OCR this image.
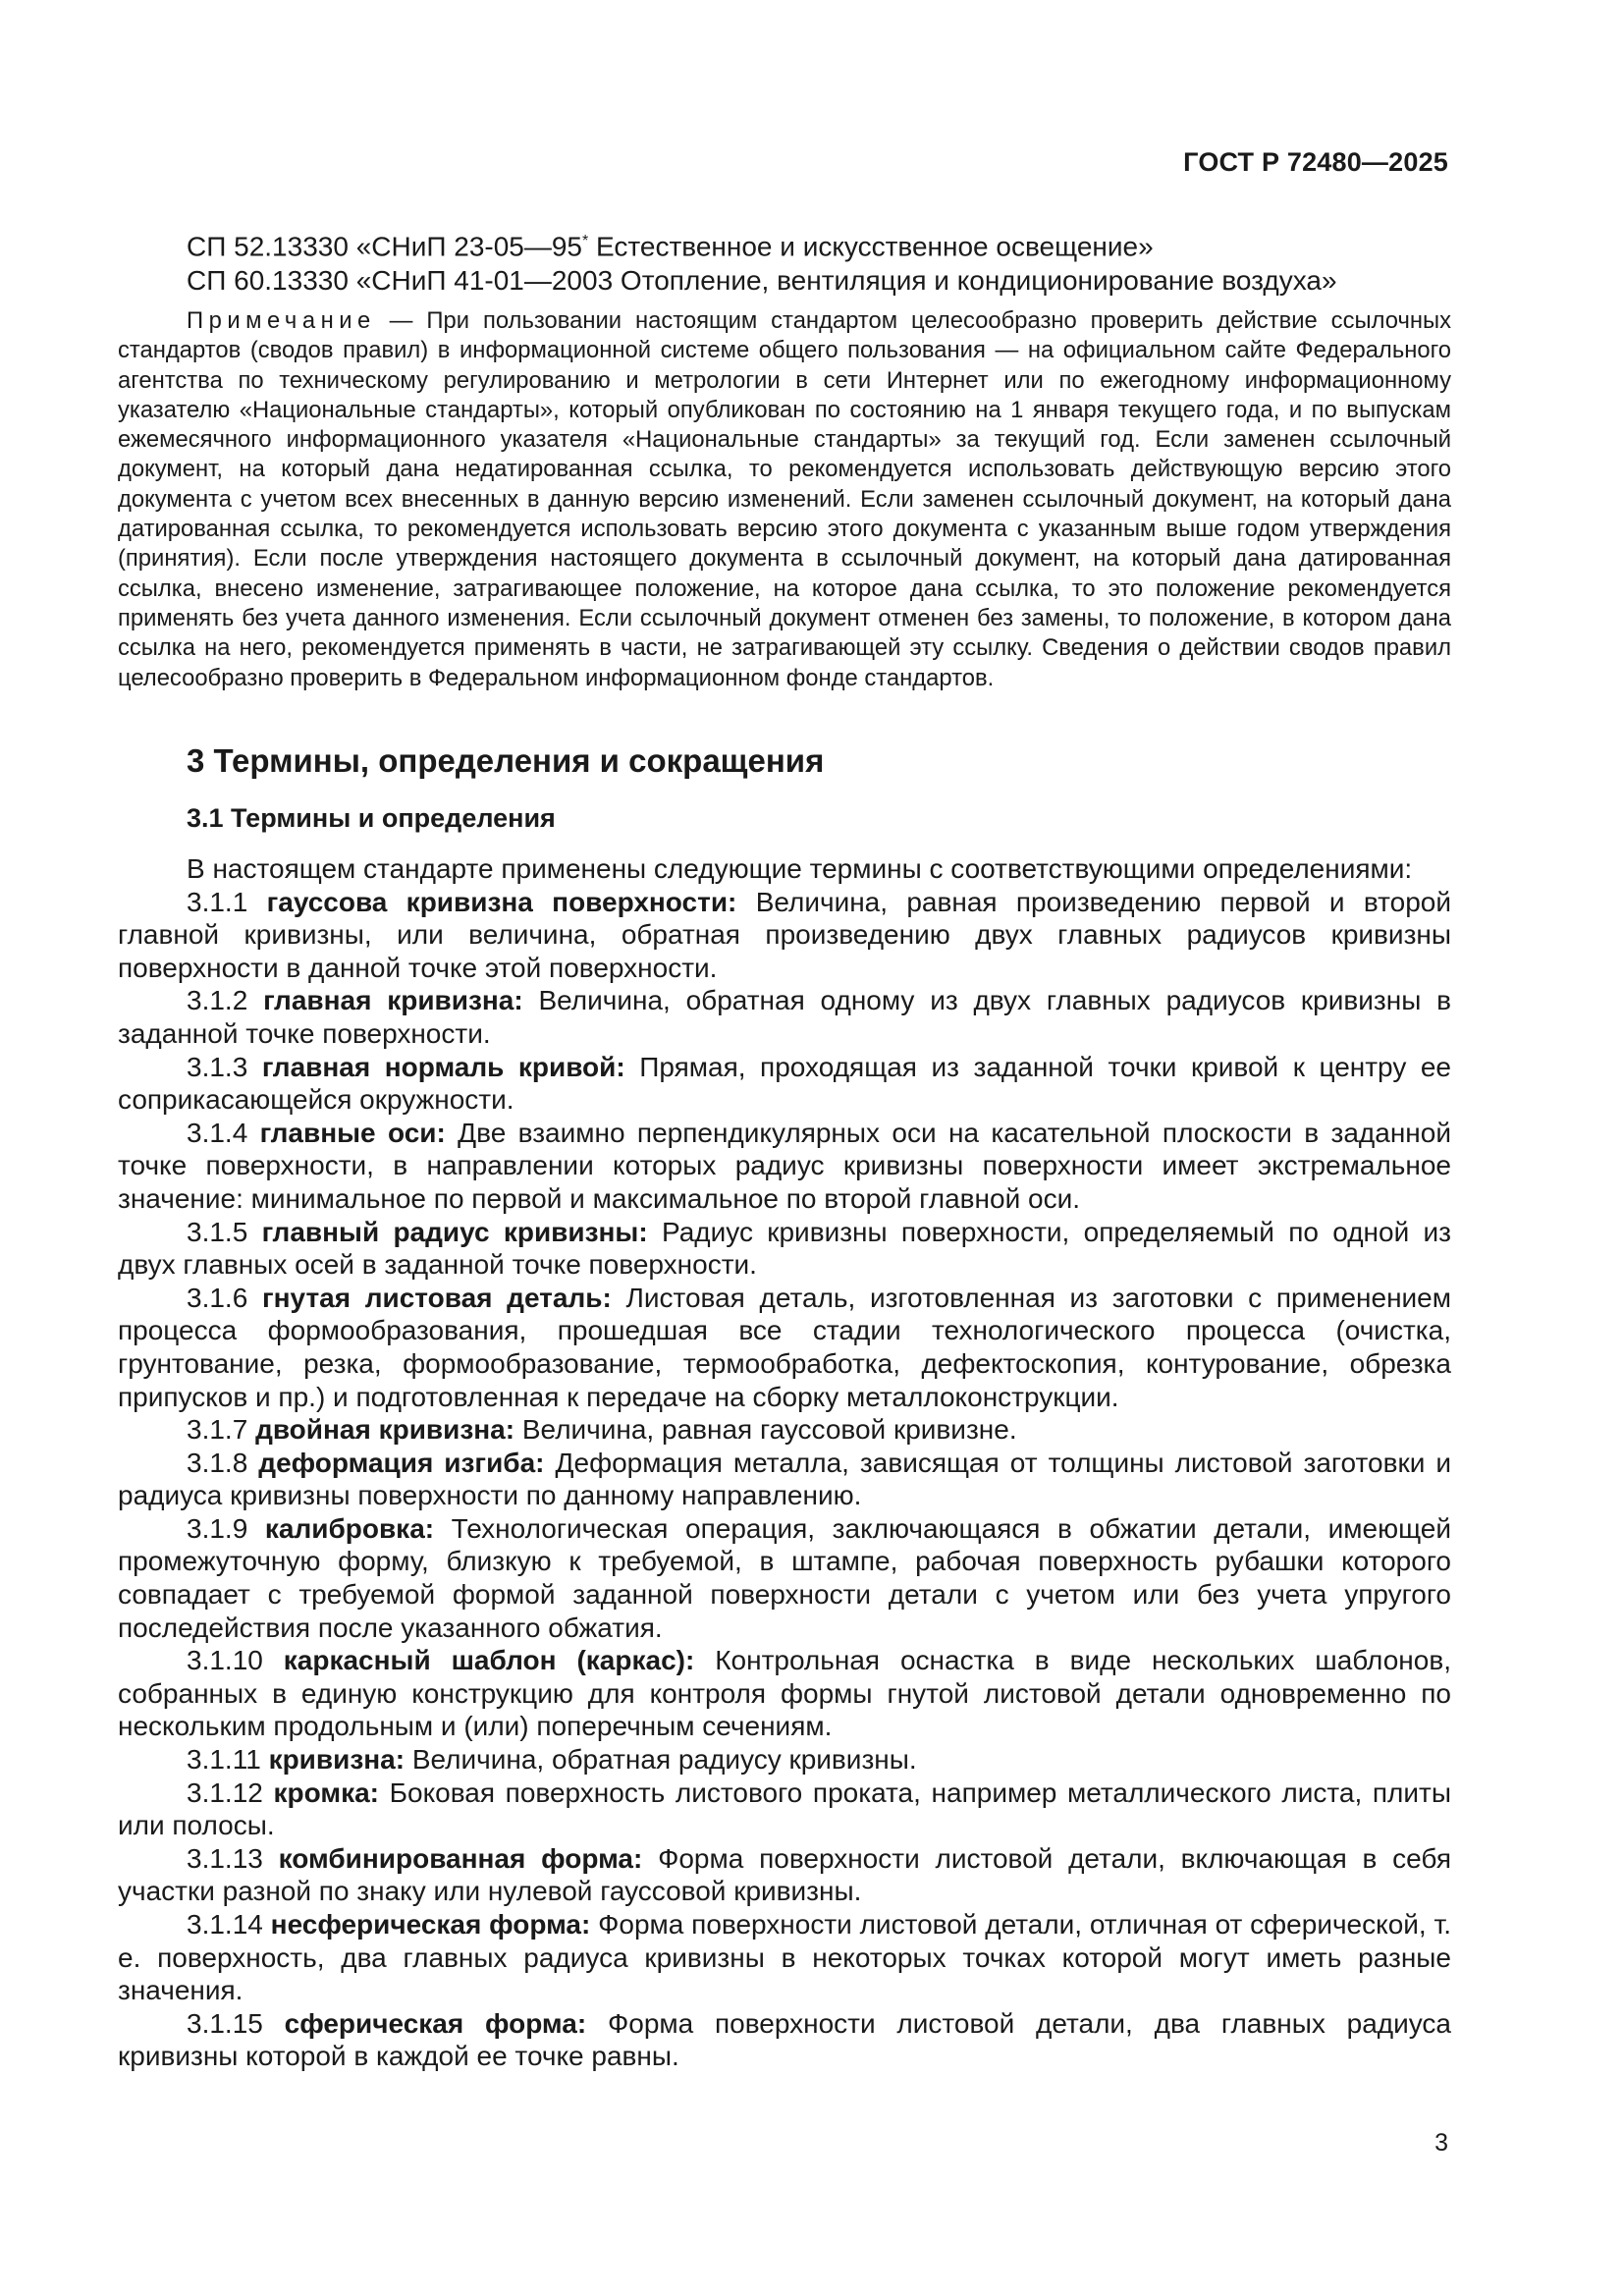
ГОСТ Р 72480—2025
СП 52.13330 «СНиП 23-05—95* Естественное и искусственное освещение»
СП 60.13330 «СНиП 41-01—2003 Отопление, вентиляция и кондиционирование воздуха»
Примечание — При пользовании настоящим стандартом целесообразно проверить действие ссылочных стандартов (сводов правил) в информационной системе общего пользования — на официальном сайте Федерального агентства по техническому регулированию и метрологии в сети Интернет или по ежегодному информационному указателю «Национальные стандарты», который опубликован по состоянию на 1 января текущего года, и по выпускам ежемесячного информационного указателя «Национальные стандарты» за текущий год. Если заменен ссылочный документ, на который дана недатированная ссылка, то рекомендуется использовать действующую версию этого документа с учетом всех внесенных в данную версию изменений. Если заменен ссылочный документ, на который дана датированная ссылка, то рекомендуется использовать версию этого документа с указанным выше годом утверждения (принятия). Если после утверждения настоящего документа в ссылочный документ, на который дана датированная ссылка, внесено изменение, затрагивающее положение, на которое дана ссылка, то это положение рекомендуется применять без учета данного изменения. Если ссылочный документ отменен без замены, то положение, в котором дана ссылка на него, рекомендуется применять в части, не затрагивающей эту ссылку. Сведения о действии сводов правил целесообразно проверить в Федеральном информационном фонде стандартов.
3 Термины, определения и сокращения
3.1 Термины и определения

В настоящем стандарте применены следующие термины с соответствующими определениями:

3.1.1 гауссова кривизна поверхности: Величина, равная произведению первой и второй главной кривизны, или величина, обратная произведению двух главных радиусов кривизны поверхности в данной точке этой поверхности.

3.1.2 главная кривизна: Величина, обратная одному из двух главных радиусов кривизны в заданной точке поверхности.

3.1.3 главная нормаль кривой: Прямая, проходящая из заданной точки кривой к центру ее соприкасающейся окружности.

3.1.4 главные оси: Две взаимно перпендикулярных оси на касательной плоскости в заданной точке поверхности, в направлении которых радиус кривизны поверхности имеет экстремальное значение: минимальное по первой и максимальное по второй главной оси.

3.1.5 главный радиус кривизны: Радиус кривизны поверхности, определяемый по одной из двух главных осей в заданной точке поверхности.

3.1.6 гнутая листовая деталь: Листовая деталь, изготовленная из заготовки с применением процесса формообразования, прошедшая все стадии технологического процесса (очистка, грунтование, резка, формообразование, термообработка, дефектоскопия, контурование, обрезка припусков и пр.) и подготовленная к передаче на сборку металлоконструкции.

3.1.7 двойная кривизна: Величина, равная гауссовой кривизне.

3.1.8 деформация изгиба: Деформация металла, зависящая от толщины листовой заготовки и радиуса кривизны поверхности по данному направлению.

3.1.9 калибровка: Технологическая операция, заключающаяся в обжатии детали, имеющей промежуточную форму, близкую к требуемой, в штампе, рабочая поверхность рубашки которого совпадает с требуемой формой заданной поверхности детали с учетом или без учета упругого последействия после указанного обжатия.

3.1.10 каркасный шаблон (каркас): Контрольная оснастка в виде нескольких шаблонов, собранных в единую конструкцию для контроля формы гнутой листовой детали одновременно по нескольким продольным и (или) поперечным сечениям.

3.1.11 кривизна: Величина, обратная радиусу кривизны.

3.1.12 кромка: Боковая поверхность листового проката, например металлического листа, плиты или полосы.

3.1.13 комбинированная форма: Форма поверхности листовой детали, включающая в себя участки разной по знаку или нулевой гауссовой кривизны.

3.1.14 несферическая форма: Форма поверхности листовой детали, отличная от сферической, т. е. поверхность, два главных радиуса кривизны в некоторых точках которой могут иметь разные значения.

3.1.15 сферическая форма: Форма поверхности листовой детали, два главных радиуса кривизны которой в каждой ее точке равны.

3
